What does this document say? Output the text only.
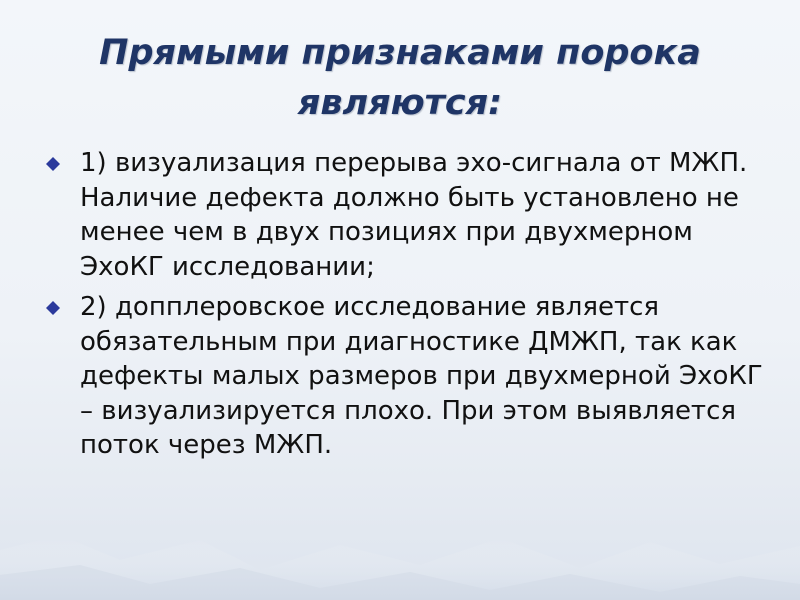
Прямыми признаками порока
являются:
1) визуализация перерыва эхо-сигнала от МЖП. Наличие дефекта должно быть установлено не менее чем в двух позициях при двухмерном ЭхоКГ исследовании;
2) допплеровское исследование является обязательным при диагностике ДМЖП, так как дефекты малых размеров при двухмерной ЭхоКГ – визуализируется плохо. При этом выявляется поток через МЖП.
